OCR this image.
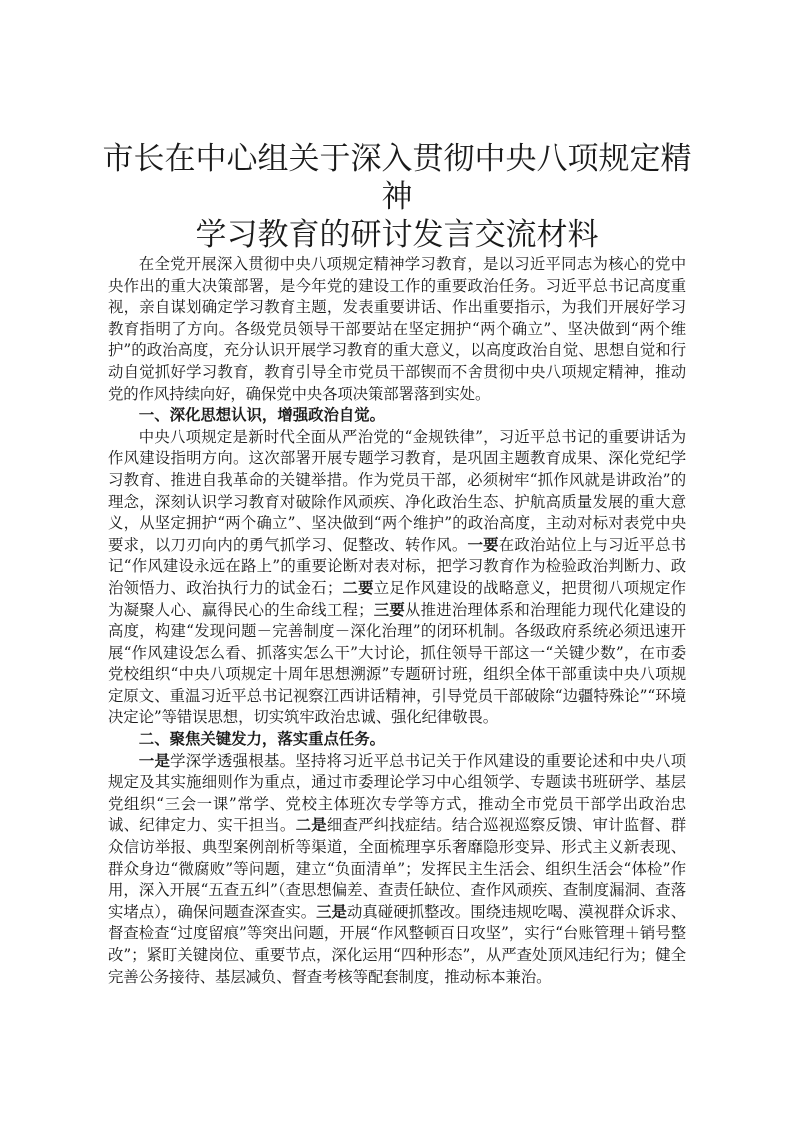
市长在中心组关于深入贯彻中央八项规定精神
学习教育的研讨发言交流材料

在全党开展深入贯彻中央八项规定精神学习教育，是以习近平同志为核心的党中央作出的重大决策部署，是今年党的建设工作的重要政治任务。习近平总书记高度重视，亲自谋划确定学习教育主题，发表重要讲话、作出重要指示，为我们开展好学习教育指明了方向。各级党员领导干部要站在坚定拥护“两个确立”、坚决做到“两个维护”的政治高度，充分认识开展学习教育的重大意义，以高度政治自觉、思想自觉和行动自觉抓好学习教育，教育引导全市党员干部锲而不舍贯彻中央八项规定精神，推动党的作风持续向好，确保党中央各项决策部署落到实处。

一、深化思想认识，增强政治自觉。

中央八项规定是新时代全面从严治党的“金规铁律”，习近平总书记的重要讲话为作风建设指明方向。这次部署开展专题学习教育，是巩固主题教育成果、深化党纪学习教育、推进自我革命的关键举措。作为党员干部，必须树牢“抓作风就是讲政治”的理念，深刻认识学习教育对破除作风顽疾、净化政治生态、护航高质量发展的重大意义，从坚定拥护“两个确立”、坚决做到“两个维护”的政治高度，主动对标对表党中央要求，以刀刃向内的勇气抓学习、促整改、转作风。一要在政治站位上与习近平总书记“作风建设永远在路上”的重要论断对表对标，把学习教育作为检验政治判断力、政治领悟力、政治执行力的试金石；二要立足作风建设的战略意义，把贯彻八项规定作为凝聚人心、赢得民心的生命线工程；三要从推进治理体系和治理能力现代化建设的高度，构建“发现问题－完善制度－深化治理”的闭环机制。各级政府系统必须迅速开展“作风建设怎么看、抓落实怎么干”大讨论，抓住领导干部这一“关键少数”，在市委党校组织“中央八项规定十周年思想溯源”专题研讨班，组织全体干部重读中央八项规定原文、重温习近平总书记视察江西讲话精神，引导党员干部破除“边疆特殊论”“环境决定论”等错误思想，切实筑牢政治忠诚、强化纪律敬畏。

二、聚焦关键发力，落实重点任务。

一是学深学透强根基。坚持将习近平总书记关于作风建设的重要论述和中央八项规定及其实施细则作为重点，通过市委理论学习中心组领学、专题读书班研学、基层党组织“三会一课”常学、党校主体班次专学等方式，推动全市党员干部学出政治忠诚、纪律定力、实干担当。二是细查严纠找症结。结合巡视巡察反馈、审计监督、群众信访举报、典型案例剖析等渠道，全面梳理享乐奢靡隐形变异、形式主义新表现、群众身边“微腐败”等问题，建立“负面清单”；发挥民主生活会、组织生活会“体检”作用，深入开展“五查五纠”（查思想偏差、查责任缺位、查作风顽疾、查制度漏洞、查落实堵点），确保问题查深查实。三是动真碰硬抓整改。围绕违规吃喝、漠视群众诉求、督查检查“过度留痕”等突出问题，开展“作风整顿百日攻坚”，实行“台账管理＋销号整改”；紧盯关键岗位、重要节点，深化运用“四种形态”，从严查处顶风违纪行为；健全完善公务接待、基层减负、督查考核等配套制度，推动标本兼治。
